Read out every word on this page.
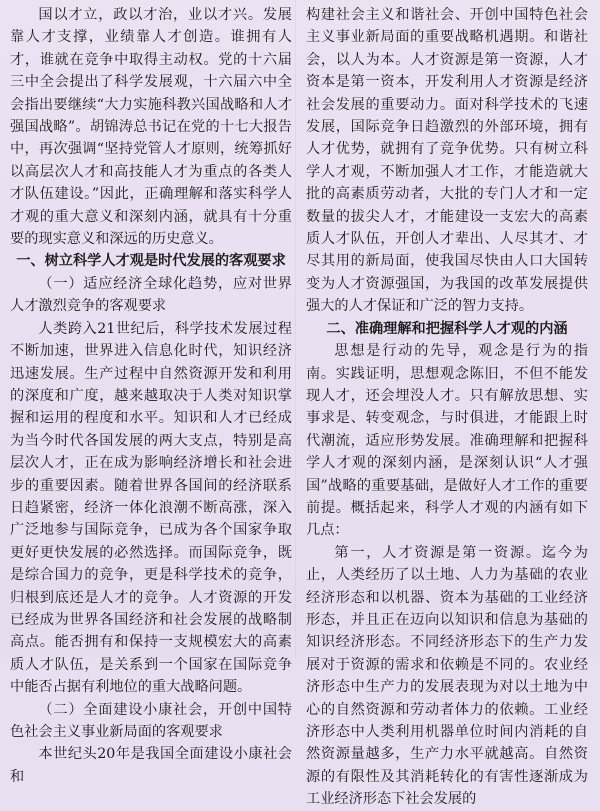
国以才立，政以才治，业以才兴。发展靠人才支撑，业绩靠人才创造。谁拥有人才，谁就在竞争中取得主动权。党的十六届三中全会提出了科学发展观，十六届六中全会指出要继续“大力实施科教兴国战略和人才强国战略”。胡锦涛总书记在党的十七大报告中，再次强调“坚持党管人才原则，统筹抓好以高层次人才和高技能人才为重点的各类人才队伍建设。”因此，正确理解和落实科学人才观的重大意义和深刻内涵，就具有十分重要的现实意义和深远的历史意义。

一、树立科学人才观是时代发展的客观要求

（一）适应经济全球化趋势，应对世界人才激烈竞争的客观要求

人类跨入21世纪后，科学技术发展过程不断加速，世界进入信息化时代，知识经济迅速发展。生产过程中自然资源开发和利用的深度和广度，越来越取决于人类对知识掌握和运用的程度和水平。知识和人才已经成为当今时代各国发展的两大支点，特别是高层次人才，正在成为影响经济增长和社会进步的重要因素。随着世界各国间的经济联系日趋紧密，经济一体化浪潮不断高涨，深入广泛地参与国际竞争，已成为各个国家争取更好更快发展的必然选择。而国际竞争，既是综合国力的竞争，更是科学技术的竞争，归根到底还是人才的竞争。人才资源的开发已经成为世界各国经济和社会发展的战略制高点。能否拥有和保持一支规模宏大的高素质人才队伍，是关系到一个国家在国际竞争中能否占据有利地位的重大战略问题。

（二）全面建设小康社会，开创中国特色社会主义事业新局面的客观要求

本世纪头20年是我国全面建设小康社会和

构建社会主义和谐社会、开创中国特色社会主义事业新局面的重要战略机遇期。和谐社会，以人为本。人才资源是第一资源，人才资本是第一资本，开发利用人才资源是经济社会发展的重要动力。面对科学技术的飞速发展，国际竞争日趋激烈的外部环境，拥有人才优势，就拥有了竞争优势。只有树立科学人才观，不断加强人才工作，才能造就大批的高素质劳动者，大批的专门人才和一定数量的拔尖人才，才能建设一支宏大的高素质人才队伍，开创人才辈出、人尽其才、才尽其用的新局面，使我国尽快由人口大国转变为人才资源强国，为我国的改革发展提供强大的人才保证和广泛的智力支持。

二、准确理解和把握科学人才观的内涵

思想是行动的先导，观念是行为的指南。实践证明，思想观念陈旧，不但不能发现人才，还会埋没人才。只有解放思想、实事求是、转变观念，与时俱进，才能跟上时代潮流，适应形势发展。准确理解和把握科学人才观的深刻内涵，是深刻认识“人才强国”战略的重要基础，是做好人才工作的重要前提。概括起来，科学人才观的内涵有如下几点：

第一，人才资源是第一资源。迄今为止，人类经历了以土地、人力为基础的农业经济形态和以机器、资本为基础的工业经济形态，并且正在迈向以知识和信息为基础的知识经济形态。不同经济形态下的生产力发展对于资源的需求和依赖是不同的。农业经济形态中生产力的发展表现为对以土地为中心的自然资源和劳动者体力的依赖。工业经济形态中人类利用机器单位时间内消耗的自然资源量越多，生产力水平就越高。自然资源的有限性及其消耗转化的有害性逐渐成为工业经济形态下社会发展的
